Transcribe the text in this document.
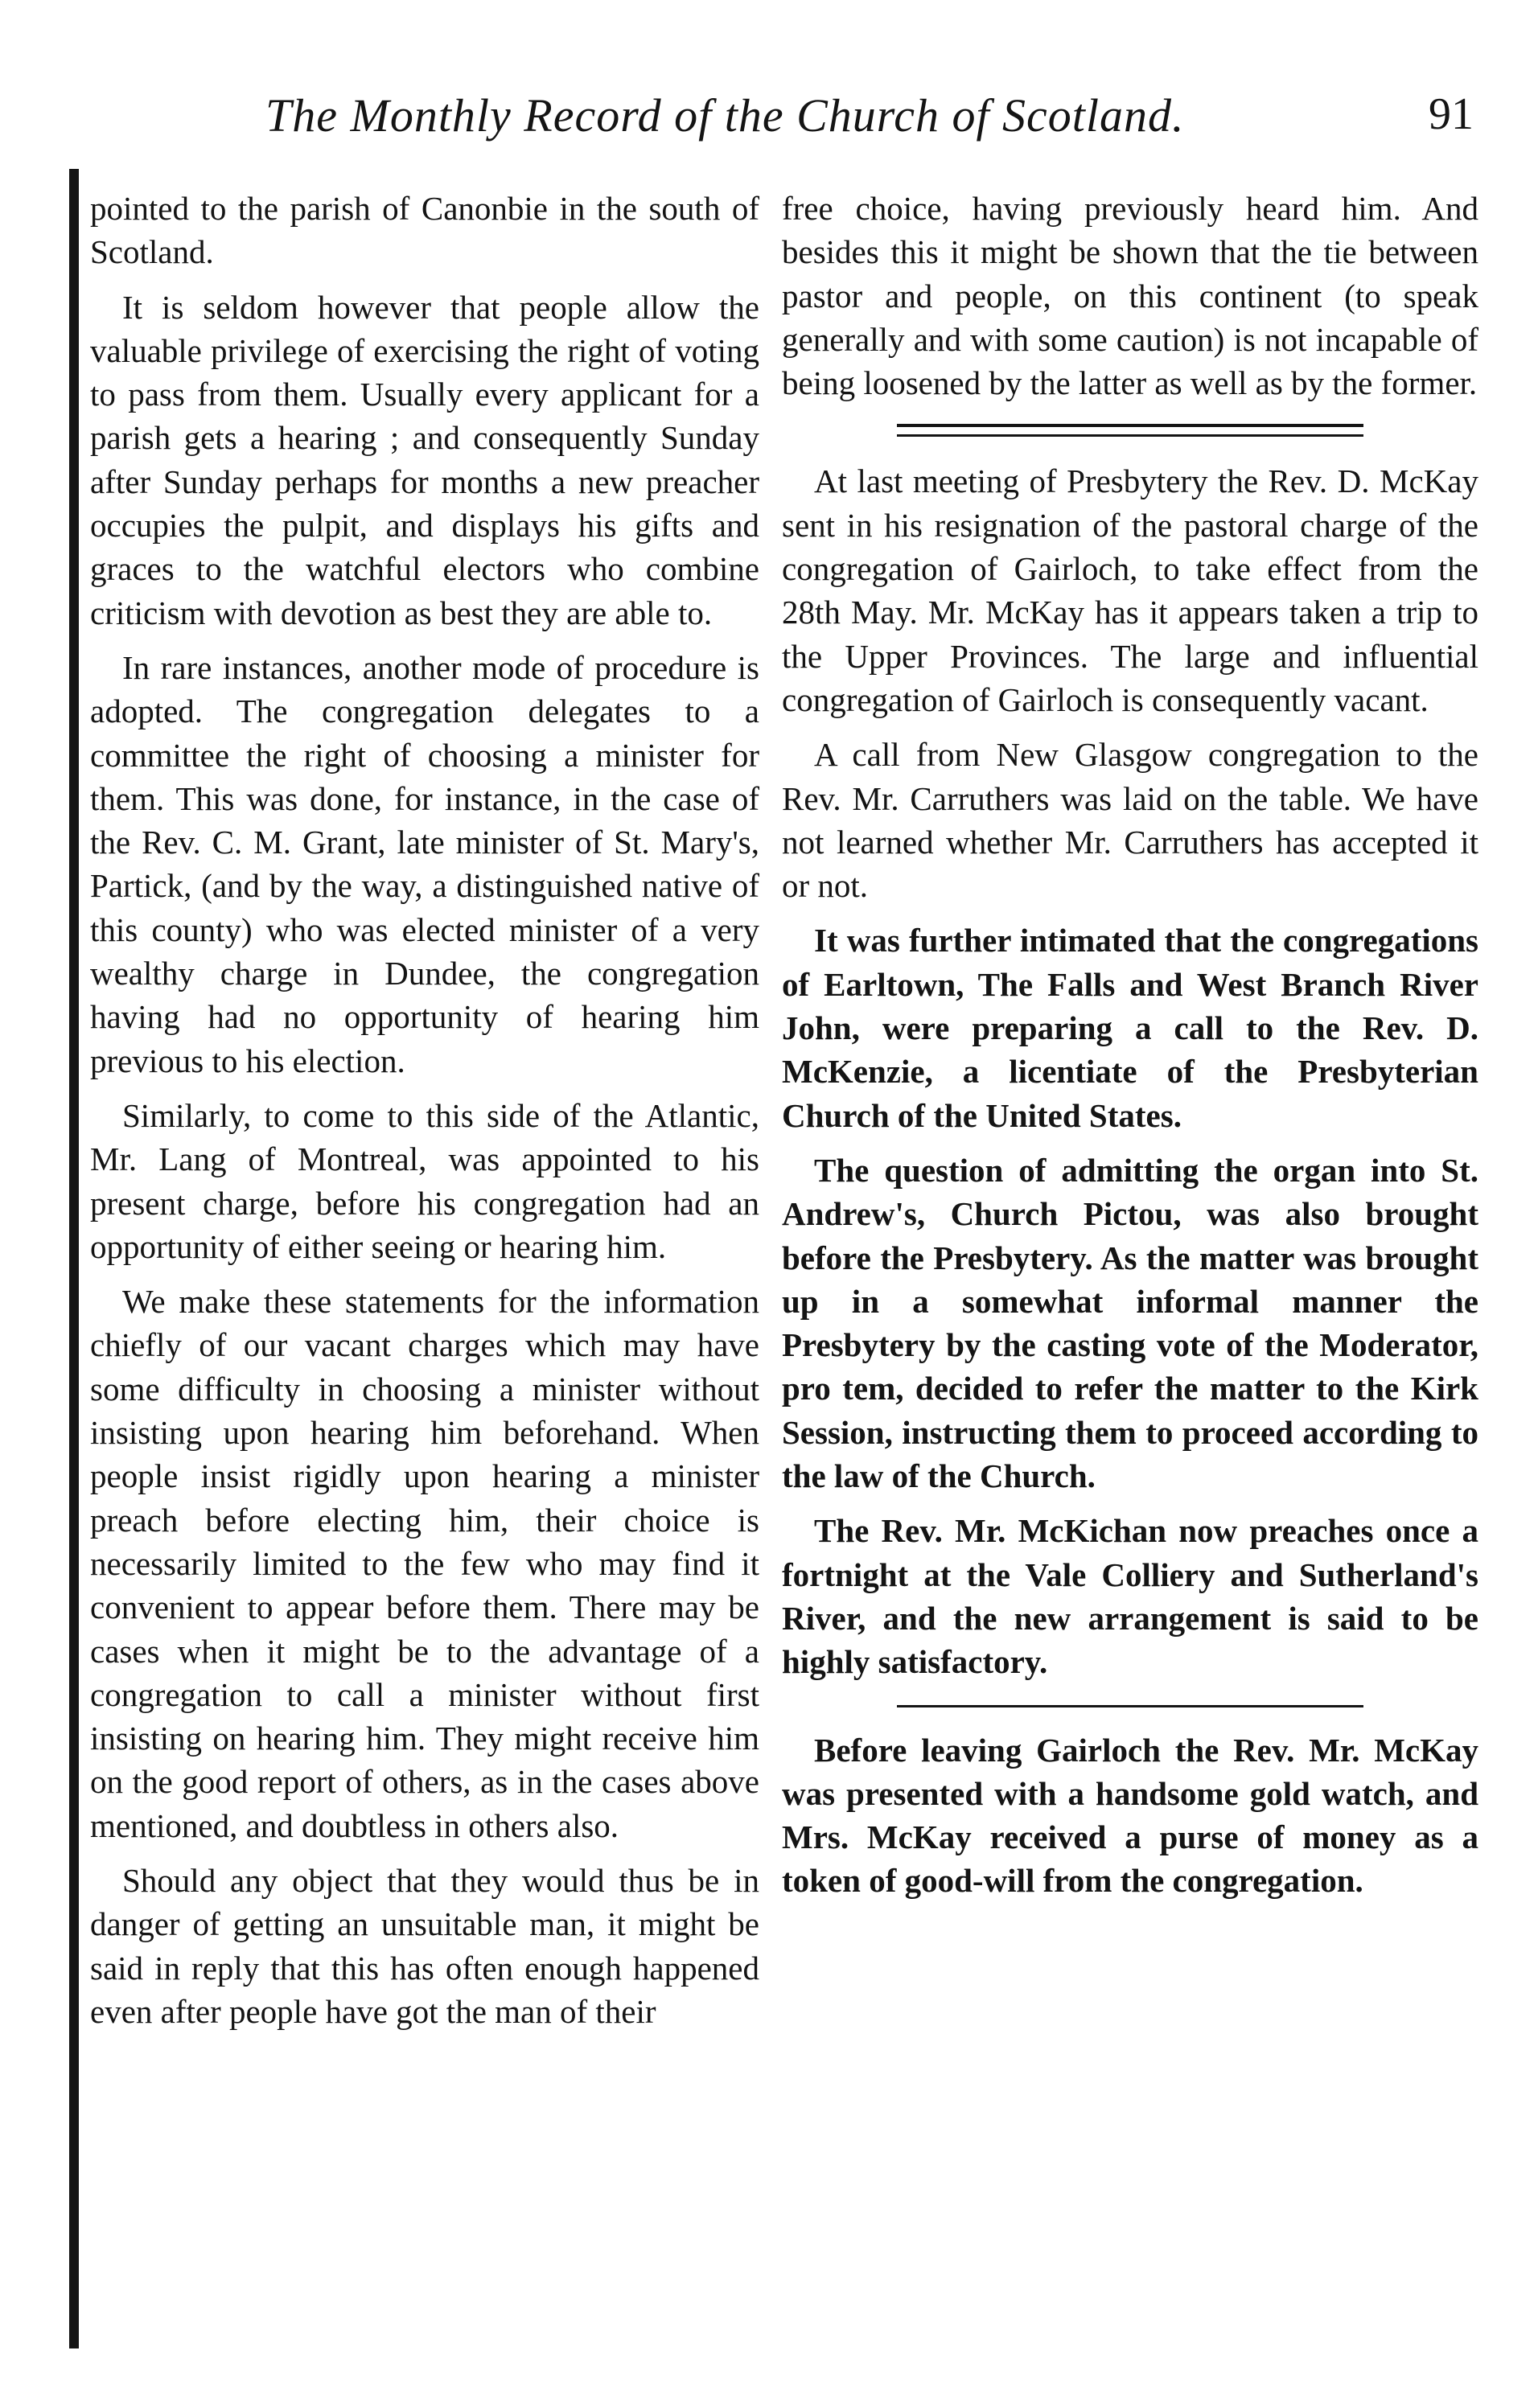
The Monthly Record of the Church of Scotland.	91

pointed to the parish of Canonbie in the south of Scotland.

It is seldom however that people allow the valuable privilege of exercising the right of voting to pass from them. Usually every applicant for a parish gets a hearing ; and consequently Sunday after Sunday perhaps for months a new preacher occupies the pulpit, and displays his gifts and graces to the watchful electors who combine criticism with devotion as best they are able to.

In rare instances, another mode of procedure is adopted. The congregation delegates to a committee the right of choosing a minister for them. This was done, for instance, in the case of the Rev. C. M. Grant, late minister of St. Mary's, Partick, (and by the way, a distinguished native of this county) who was elected minister of a very wealthy charge in Dundee, the congregation having had no opportunity of hearing him previous to his election.

Similarly, to come to this side of the Atlantic, Mr. Lang of Montreal, was appointed to his present charge, before his congregation had an opportunity of either seeing or hearing him.

We make these statements for the information chiefly of our vacant charges which may have some difficulty in choosing a minister without insisting upon hearing him beforehand. When people insist rigidly upon hearing a minister preach before electing him, their choice is necessarily limited to the few who may find it convenient to appear before them. There may be cases when it might be to the advantage of a congregation to call a minister without first insisting on hearing him. They might receive him on the good report of others, as in the cases above mentioned, and doubtless in others also.

Should any object that they would thus be in danger of getting an unsuitable man, it might be said in reply that this has often enough happened even after people have got the man of their

free choice, having previously heard him. And besides this it might be shown that the tie between pastor and people, on this continent (to speak generally and with some caution) is not incapable of being loosened by the latter as well as by the former.

At last meeting of Presbytery the Rev. D. McKay sent in his resignation of the pastoral charge of the congregation of Gairloch, to take effect from the 28th May. Mr. McKay has it appears taken a trip to the Upper Provinces. The large and influential congregation of Gairloch is consequently vacant.

A call from New Glasgow congregation to the Rev. Mr. Carruthers was laid on the table. We have not learned whether Mr. Carruthers has accepted it or not.

It was further intimated that the congregations of Earltown, The Falls and West Branch River John, were preparing a call to the Rev. D. McKenzie, a licentiate of the Presbyterian Church of the United States.

The question of admitting the organ into St. Andrew's, Church Pictou, was also brought before the Presbytery. As the matter was brought up in a somewhat informal manner the Presbytery by the casting vote of the Moderator, pro tem, decided to refer the matter to the Kirk Session, instructing them to proceed according to the law of the Church.

The Rev. Mr. McKichan now preaches once a fortnight at the Vale Colliery and Sutherland's River, and the new arrangement is said to be highly satisfactory.

Before leaving Gairloch the Rev. Mr. McKay was presented with a handsome gold watch, and Mrs. McKay received a purse of money as a token of good-will from the congregation.
